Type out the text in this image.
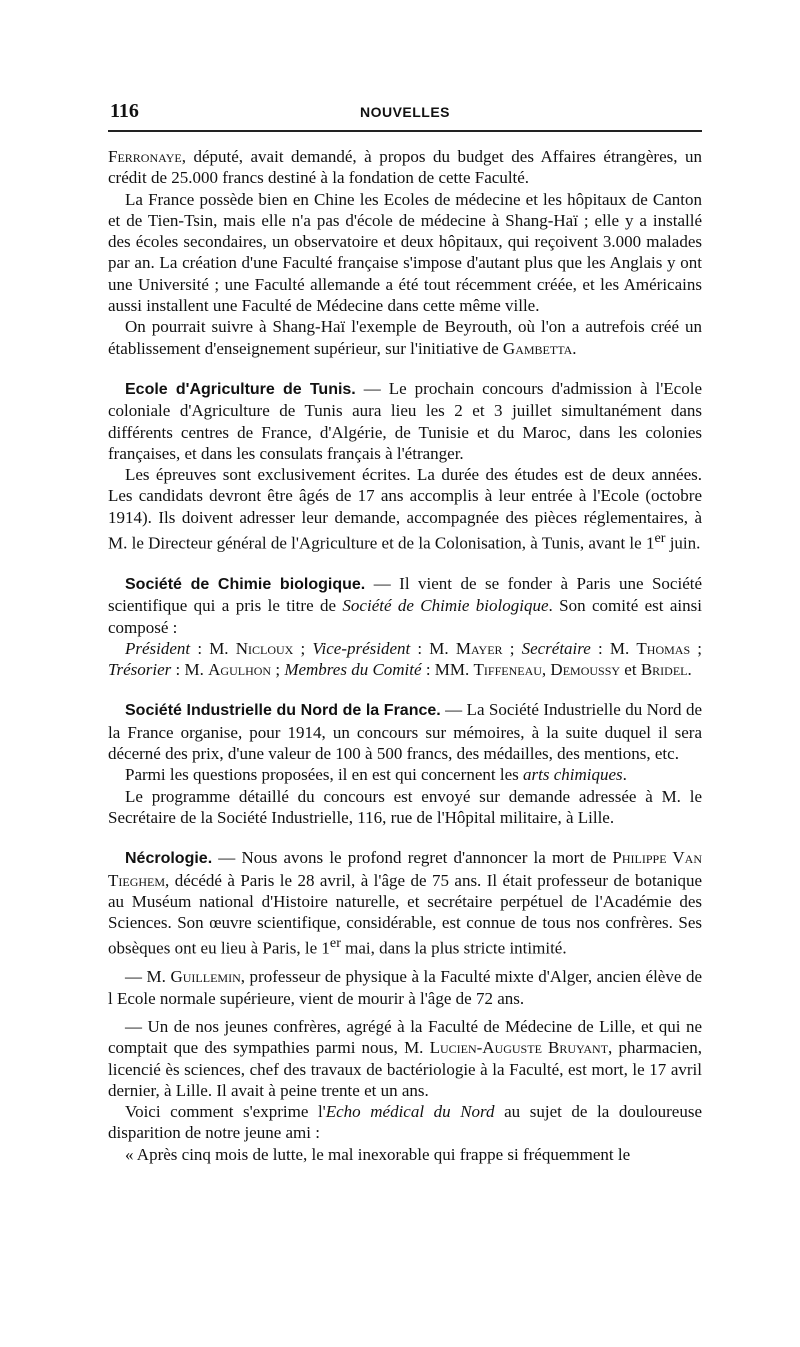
116	NOUVELLES

Ferronaye, député, avait demandé, à propos du budget des Affaires étrangères, un crédit de 25.000 francs destiné à la fondation de cette Faculté.

 La France possède bien en Chine les Ecoles de médecine et les hôpitaux de Canton et de Tien-Tsin, mais elle n'a pas d'école de médecine à Shang-Haï ; elle y a installé des écoles secondaires, un observatoire et deux hôpitaux, qui reçoivent 3.000 malades par an. La création d'une Faculté française s'impose d'autant plus que les Anglais y ont une Université ; une Faculté allemande a été tout récemment créée, et les Américains aussi installent une Faculté de Médecine dans cette même ville.

 On pourrait suivre à Shang-Haï l'exemple de Beyrouth, où l'on a autrefois créé un établissement d'enseignement supérieur, sur l'initiative de Gambetta.

 Ecole d'Agriculture de Tunis. — Le prochain concours d'admission à l'Ecole coloniale d'Agriculture de Tunis aura lieu les 2 et 3 juillet simultanément dans différents centres de France, d'Algérie, de Tunisie et du Maroc, dans les colonies françaises, et dans les consulats français à l'étranger.

 Les épreuves sont exclusivement écrites. La durée des études est de deux années. Les candidats devront être âgés de 17 ans accomplis à leur entrée à l'Ecole (octobre 1914). Ils doivent adresser leur demande, accompagnée des pièces réglementaires, à M. le Directeur général de l'Agriculture et de la Colonisation, à Tunis, avant le 1er juin.

 Société de Chimie biologique. — Il vient de se fonder à Paris une Société scientifique qui a pris le titre de Société de Chimie biologique. Son comité est ainsi composé :

 Président : M. Nicloux ; Vice-président : M. Mayer ; Secrétaire : M. Thomas ; Trésorier : M. Agulhon ; Membres du Comité : MM. Tiffeneau, Demoussy et Bridel.

 Société Industrielle du Nord de la France. — La Société Industrielle du Nord de la France organise, pour 1914, un concours sur mémoires, à la suite duquel il sera décerné des prix, d'une valeur de 100 à 500 francs, des médailles, des mentions, etc.

 Parmi les questions proposées, il en est qui concernent les arts chimiques.

 Le programme détaillé du concours est envoyé sur demande adressée à M. le Secrétaire de la Société Industrielle, 116, rue de l'Hôpital militaire, à Lille.

 Nécrologie. — Nous avons le profond regret d'annoncer la mort de Philippe Van Tieghem, décédé à Paris le 28 avril, à l'âge de 75 ans. Il était professeur de botanique au Muséum national d'Histoire naturelle, et secrétaire perpétuel de l'Académie des Sciences. Son œuvre scientifique, considérable, est connue de tous nos confrères. Ses obsèques ont eu lieu à Paris, le 1er mai, dans la plus stricte intimité.

 — M. Guillemin, professeur de physique à la Faculté mixte d'Alger, ancien élève de l Ecole normale supérieure, vient de mourir à l'âge de 72 ans.

 — Un de nos jeunes confrères, agrégé à la Faculté de Médecine de Lille, et qui ne comptait que des sympathies parmi nous, M. Lucien-Auguste Bruyant, pharmacien, licencié ès sciences, chef des travaux de bactériologie à la Faculté, est mort, le 17 avril dernier, à Lille. Il avait à peine trente et un ans.

 Voici comment s'exprime l'Echo médical du Nord au sujet de la douloureuse disparition de notre jeune ami :

 « Après cinq mois de lutte, le mal inexorable qui frappe si fréquemment le
